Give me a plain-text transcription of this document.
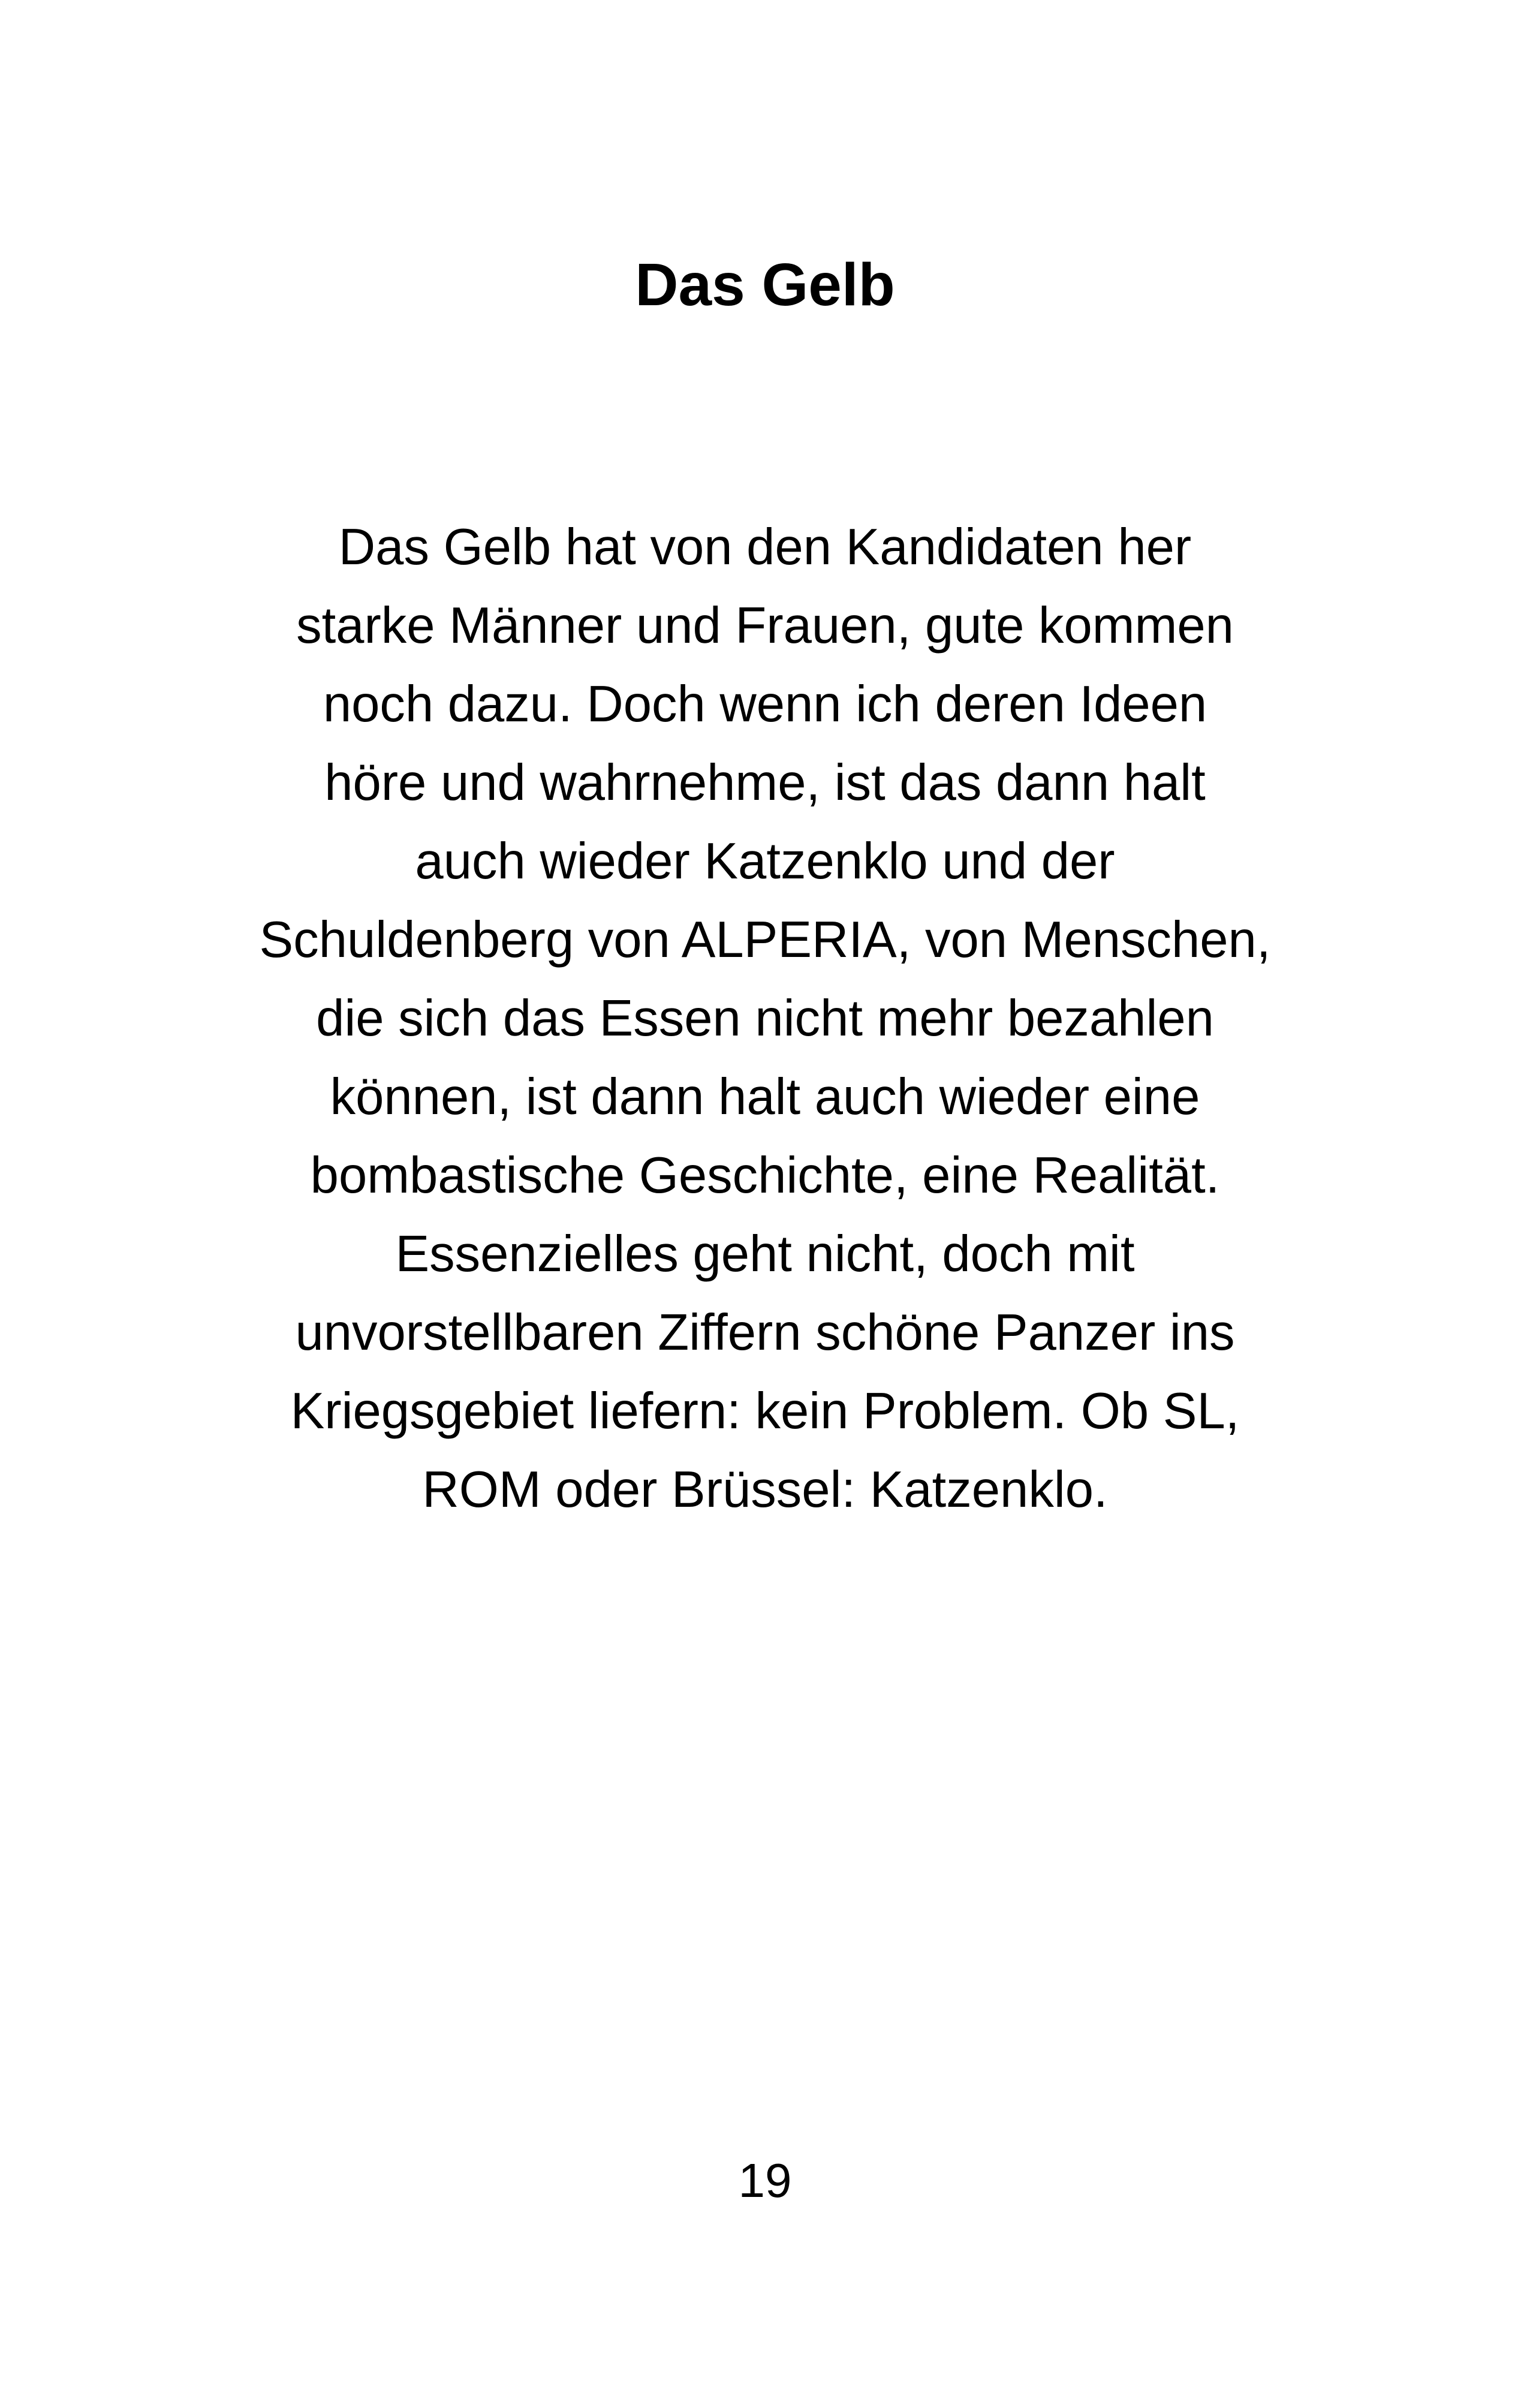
Das Gelb
Das Gelb hat von den Kandidaten her
starke Männer und Frauen, gute kommen
noch dazu. Doch wenn ich deren Ideen
höre und wahrnehme, ist das dann halt
auch wieder Katzenklo und der
Schuldenberg von ALPERIA, von Menschen,
die sich das Essen nicht mehr bezahlen
können, ist dann halt auch wieder eine
bombastische Geschichte, eine Realität.
Essenzielles geht nicht, doch mit
unvorstellbaren Ziffern schöne Panzer ins
Kriegsgebiet liefern: kein Problem. Ob SL,
ROM oder Brüssel: Katzenklo.
19
